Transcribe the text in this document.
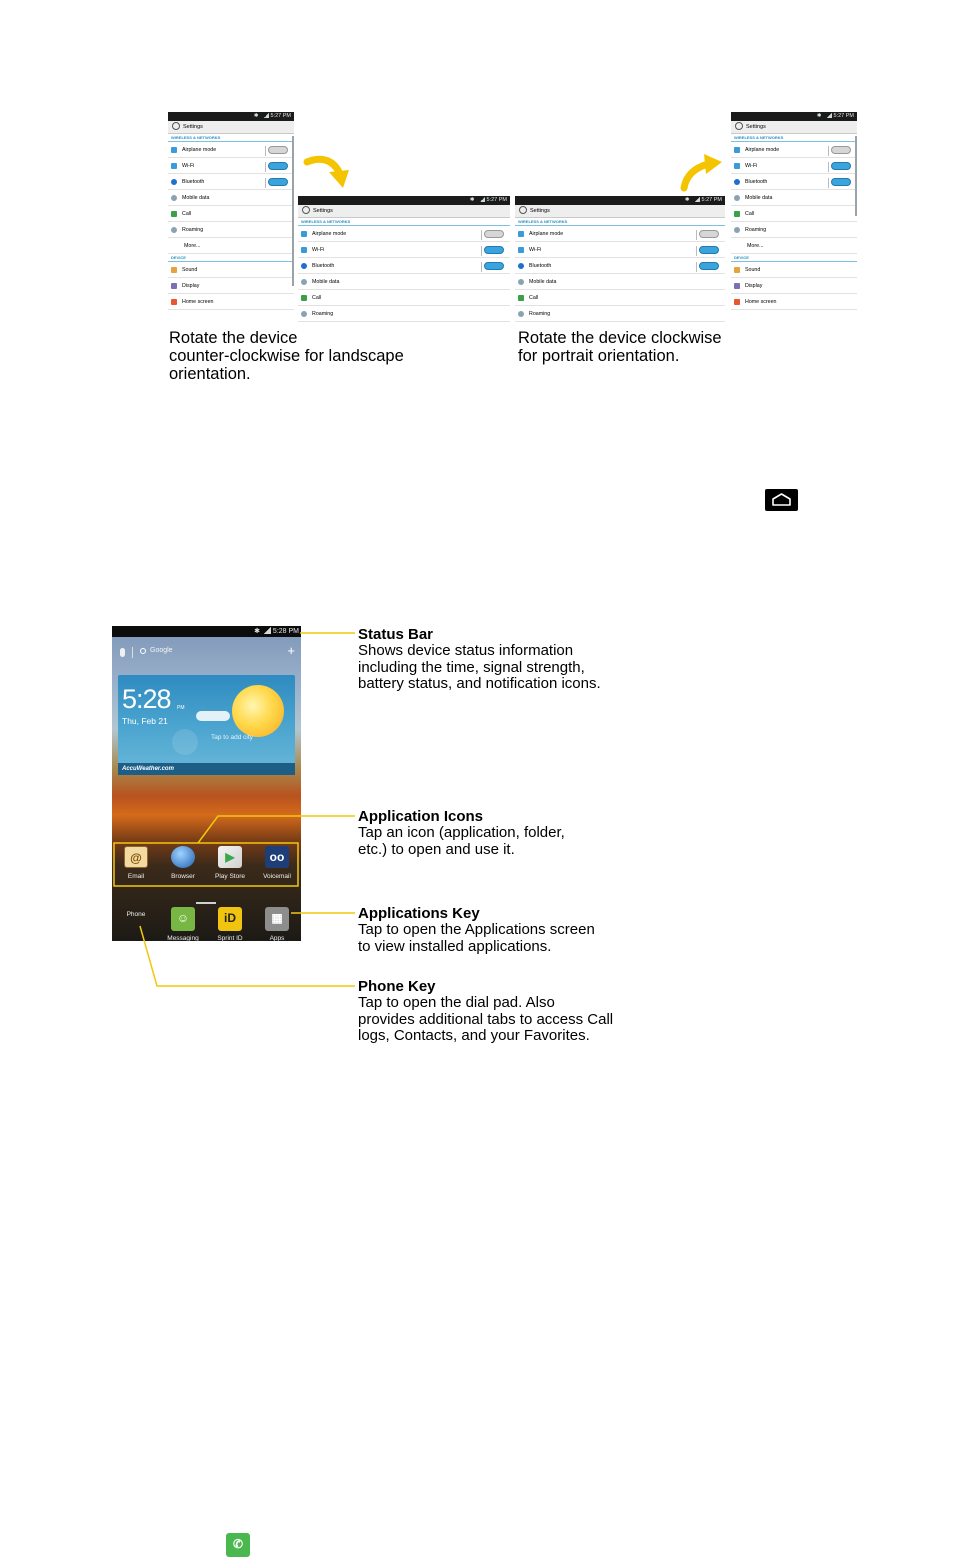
✱ 5:27 PM
Settings
WIRELESS & NETWORKS
Airplane mode
Wi-Fi
Bluetooth
Mobile data
Call
Roaming
More...
DEVICE
Sound
Display
Home screen
✱ 5:27 PM
Settings
WIRELESS & NETWORKS
Airplane mode
Wi-Fi
Bluetooth
Mobile data
Call
Roaming
✱ 5:27 PM
Settings
WIRELESS & NETWORKS
Airplane mode
Wi-Fi
Bluetooth
Mobile data
Call
Roaming
✱ 5:27 PM
Settings
WIRELESS & NETWORKS
Airplane mode
Wi-Fi
Bluetooth
Mobile data
Call
Roaming
More...
DEVICE
Sound
Display
Home screen
Rotate the device
counter-clockwise for landscape
orientation.
Rotate the device clockwise
for portrait orientation.
✱ 5:28 PM
Google	+
5:28 PM
Thu, Feb 21
Tap to add city
AccuWeather.com
@
Email	Browser
▶
Play Store
oo
Voicemail
✆
Phone	☺
Messaging
iD
Sprint ID
▦
Apps
Status Bar
Shows device status information
including the time, signal strength,
battery status, and notification icons.
Application Icons
Tap an icon (application, folder,
etc.) to open and use it.
Applications Key
Tap to open the Applications screen
to view installed applications.
Phone Key
Tap to open the dial pad. Also
provides additional tabs to access Call
logs, Contacts, and your Favorites.
